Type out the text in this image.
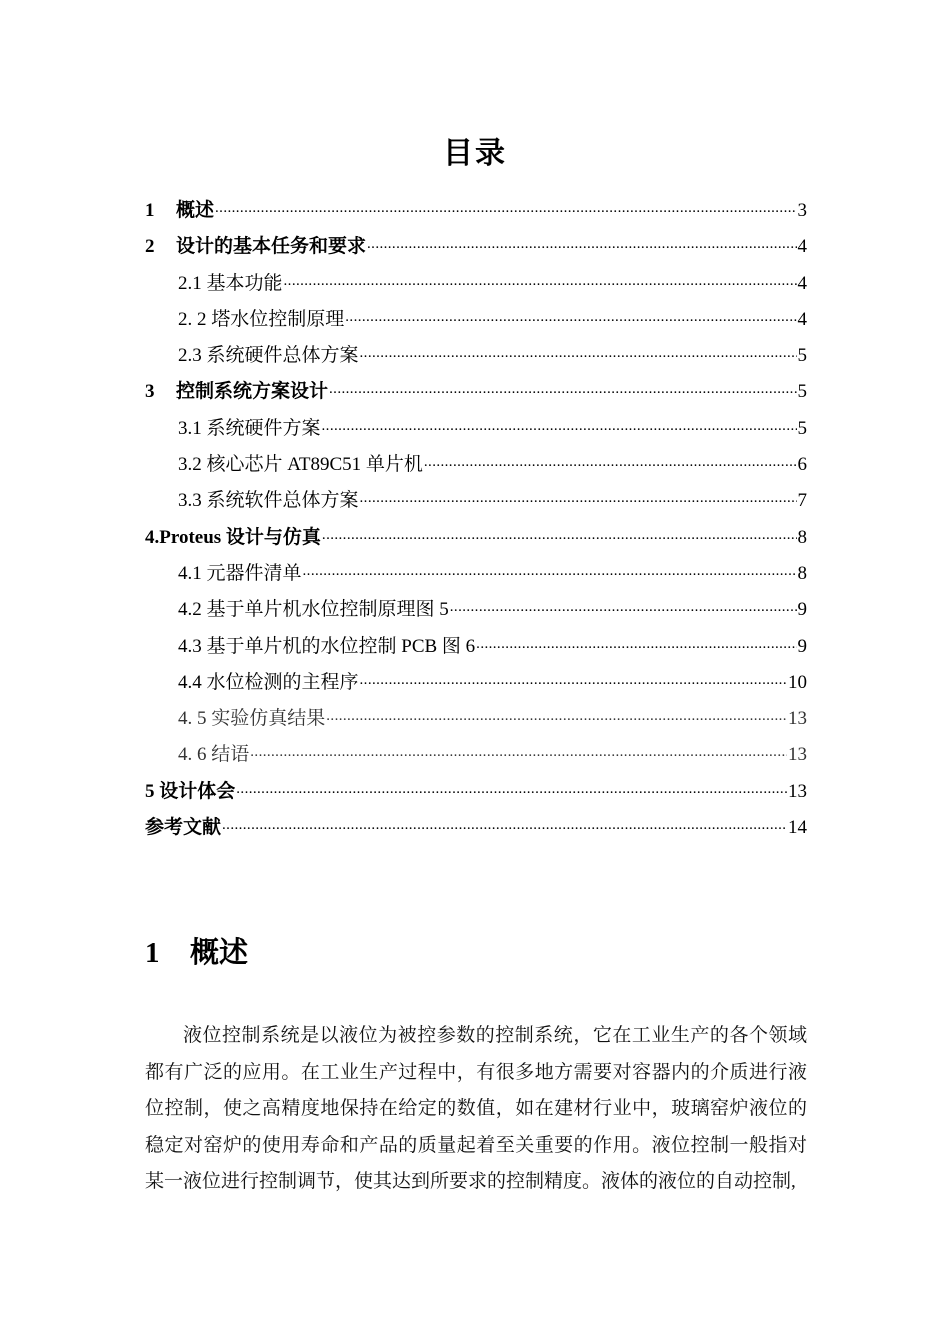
目录
1	概述 .....	3
2	设计的基本任务和要求 .....	4
2.1 基本功能 .....	4
2. 2 塔水位控制原理 .....	4
2.3 系统硬件总体方案 .....	5
3	控制系统方案设计 .....	5
3.1 系统硬件方案 .....	5
3.2 核心芯片 AT89C51 单片机 .....	6
3.3 系统软件总体方案 .....	7
4.Proteus 设计与仿真 .....	8
4.1 元器件清单 .....	8
4.2 基于单片机水位控制原理图 5 .....	9
4.3 基于单片机的水位控制 PCB 图 6 .....	9
4.4 水位检测的主程序 .....	10
4. 5 实验仿真结果 .....	13
4. 6 结语 .....	13
5 设计体会 .....	13
参考文献 .....	14
1	概述

液位控制系统是以液位为被控参数的控制系统，它在工业生产的各个领域都有广泛的应用。在工业生产过程中，有很多地方需要对容器内的介质进行液位控制，使之高精度地保持在给定的数值，如在建材行业中，玻璃窑炉液位的稳定对窑炉的使用寿命和产品的质量起着至关重要的作用。液位控制一般指对某一液位进行控制调节，使其达到所要求的控制精度。液体的液位的自动控制,
